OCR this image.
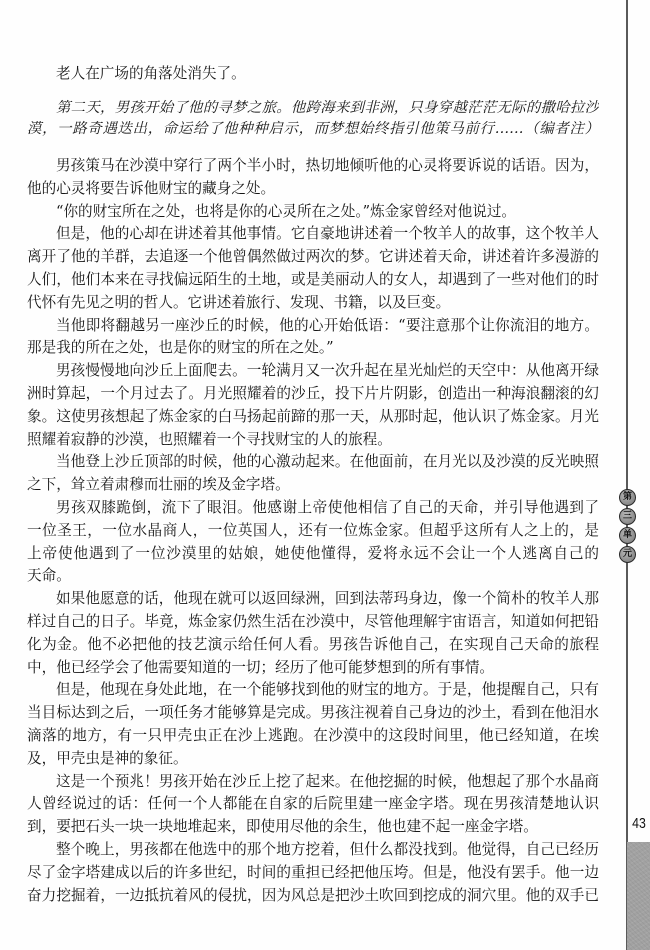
老人在广场的角落处消失了。
第二天，男孩开始了他的寻梦之旅。他跨海来到非洲，只身穿越茫茫无际的撒哈拉沙
漠，一路奇遇迭出，命运给了他种种启示，而梦想始终指引他策马前行……（编者注）
男孩策马在沙漠中穿行了两个半小时，热切地倾听他的心灵将要诉说的话语。因为，
他的心灵将要告诉他财宝的藏身之处。
“你的财宝所在之处，也将是你的心灵所在之处。”炼金家曾经对他说过。
但是，他的心却在讲述着其他事情。它自豪地讲述着一个牧羊人的故事，这个牧羊人
离开了他的羊群，去追逐一个他曾偶然做过两次的梦。它讲述着天命，讲述着许多漫游的
人们，他们本来在寻找偏远陌生的土地，或是美丽动人的女人，却遇到了一些对他们的时
代怀有先见之明的哲人。它讲述着旅行、发现、书籍，以及巨变。
当他即将翻越另一座沙丘的时候，他的心开始低语：“要注意那个让你流泪的地方。
那是我的所在之处，也是你的财宝的所在之处。”
男孩慢慢地向沙丘上面爬去。一轮满月又一次升起在星光灿烂的天空中：从他离开绿
洲时算起，一个月过去了。月光照耀着的沙丘，投下片片阴影，创造出一种海浪翻滚的幻
象。这使男孩想起了炼金家的白马扬起前蹄的那一天，从那时起，他认识了炼金家。月光
照耀着寂静的沙漠，也照耀着一个寻找财宝的人的旅程。
当他登上沙丘顶部的时候，他的心激动起来。在他面前，在月光以及沙漠的反光映照
之下，耸立着肃穆而壮丽的埃及金字塔。
男孩双膝跪倒，流下了眼泪。他感谢上帝使他相信了自己的天命，并引导他遇到了
一位圣王，一位水晶商人，一位英国人，还有一位炼金家。但超乎这所有人之上的，是
上帝使他遇到了一位沙漠里的姑娘，她使他懂得，爱将永远不会让一个人逃离自己的
天命。
如果他愿意的话，他现在就可以返回绿洲，回到法蒂玛身边，像一个简朴的牧羊人那
样过自己的日子。毕竟，炼金家仍然生活在沙漠中，尽管他理解宇宙语言，知道如何把铅
化为金。他不必把他的技艺演示给任何人看。男孩告诉他自己，在实现自己天命的旅程
中，他已经学会了他需要知道的一切；经历了他可能梦想到的所有事情。
但是，他现在身处此地，在一个能够找到他的财宝的地方。于是，他提醒自己，只有
当目标达到之后，一项任务才能够算是完成。男孩注视着自己身边的沙土，看到在他泪水
滴落的地方，有一只甲壳虫正在沙上逃跑。在沙漠中的这段时间里，他已经知道，在埃
及，甲壳虫是神的象征。
这是一个预兆！男孩开始在沙丘上挖了起来。在他挖掘的时候，他想起了那个水晶商
人曾经说过的话：任何一个人都能在自家的后院里建一座金字塔。现在男孩清楚地认识
到，要把石头一块一块地堆起来，即使用尽他的余生，他也建不起一座金字塔。
整个晚上，男孩都在他选中的那个地方挖着，但什么都没找到。他觉得，自己已经历
尽了金字塔建成以后的许多世纪，时间的重担已经把他压垮。但是，他没有罢手。他一边
奋力挖掘着，一边抵抗着风的侵扰，因为风总是把沙土吹回到挖成的洞穴里。他的双手已
第
三
单
元
43
